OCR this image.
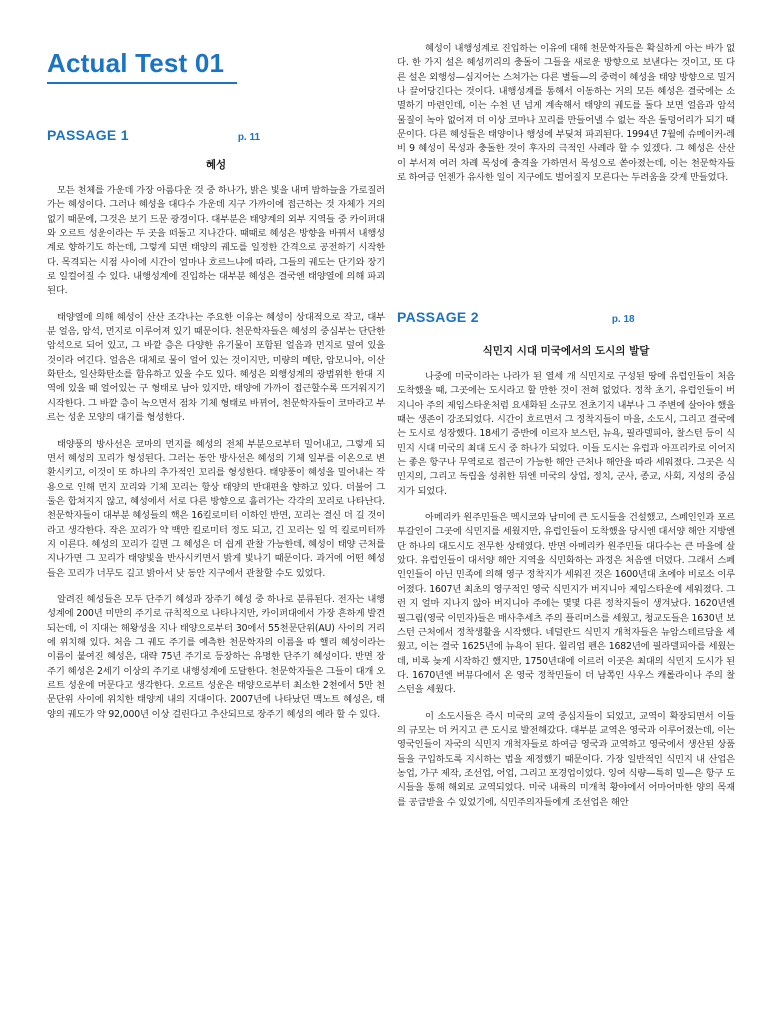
Actual Test 01
PASSAGE 1	p. 11
혜성

모든 천체를 가운데 가장 아름다운 것 중 하나가, 밝은 빛을 내며 밤하늘을 가로질러 가는 혜성이다. 그러나 혜성을 대다수 가운데 지구 가까이에 접근하는 것 자체가 거의 없기 때문에, 그것은 보기 드문 광경이다. 대부분은 태양계의 외부 지역들 중 카이퍼대와 오르트 성운이라는 두 곳을 떠돌고 지나간다. 때때로 혜성은 방향을 바꿔서 내행성계로 향하기도 하는데, 그렇게 되면 태양의 궤도를 일정한 간격으로 공전하기 시작한다. 목격되는 시점 사이에 시간이 얼마나 흐르느냐에 따라, 그들의 궤도는 단기와 장기로 일컬어질 수 있다. 내행성계에 진입하는 대부분 혜성은 결국엔 태양열에 의해 파괴된다.

태양열에 의해 혜성이 산산 조각나는 주요한 이유는 혜성이 상대적으로 작고, 대부분 얼음, 암석, 먼지로 이루어져 있기 때문이다. 천문학자들은 혜성의 중심부는 단단한 암석으로 되어 있고, 그 바깥 층은 다양한 유기물이 포함된 얼음과 먼지로 덮여 있을 것이라 여긴다. 얼음은 대체로 물이 얼어 있는 것이지만, 미량의 메탄, 암모니아, 이산화탄소, 일산화탄소를 함유하고 있을 수도 있다. 혜성은 외행성계의 광범위한 한대 지역에 있을 때 얼어있는 구 형태로 남아 있지만, 태양에 가까이 접근할수록 뜨거워지기 시작한다. 그 바깥 층이 녹으면서 점차 기체 형태로 바뀌어, 천문학자들이 코마라고 부르는 성운 모양의 대기를 형성한다.

태양풍의 방사선은 코마의 먼지를 혜성의 전체 부분으로부터 밀어내고, 그렇게 되면서 혜성의 꼬리가 형성된다. 그러는 동안 방사선은 혜성의 기체 일부를 이온으로 변환시키고, 이것이 또 하나의 추가적인 꼬리를 형성한다. 태양풍이 혜성을 밀어내는 작용으로 인해 먼지 꼬리와 기체 꼬리는 항상 태양의 반대편을 향하고 있다. 더불어 그 둘은 합쳐지지 않고, 혜성에서 서로 다른 방향으로 흘러가는 각각의 꼬리로 나타난다. 천문학자들이 대부분 혜성들의 핵은 16킬로미터 이하인 반면, 꼬리는 결신 더 길 것이라고 생각한다. 작은 꼬리가 약 백만 킬로미터 정도 되고, 긴 꼬리는 일 억 킬로미터까지 이른다. 혜성의 꼬리가 길면 그 혜성은 더 쉽게 관찰 가능한데, 혜성이 태양 근처를 지나가면 그 꼬리가 태양빛을 반사시키면서 밝게 빛나기 때문이다. 과거에 어떤 혜성들은 꼬리가 너무도 길고 밝아서 낮 동안 지구에서 관찰할 수도 있었다.

알려진 혜성들은 모두 단주기 혜성과 장주기 혜성 중 하나로 분류된다. 전자는 내행성계에 200년 미만의 주기로 규칙적으로 나타나지만, 카이퍼대에서 가장 흔하게 발견되는데, 이 지대는 해왕성을 지나 태양으로부터 30에서 55천문단위(AU) 사이의 거리에 위치해 있다. 처음 그 궤도 주기를 예측한 천문학자의 이름을 따 핼리 혜성이라는 이름이 붙여진 혜성은, 대략 75년 주기로 등장하는 유명한 단주기 혜성이다. 반면 장주기 혜성은 2세기 이상의 주기로 내행성계에 도달한다. 천문학자들은 그들이 대개 오르트 성운에 머문다고 생각한다. 오르트 성운은 태양으로부터 최소한 2천에서 5만 천문단위 사이에 위치한 태양계 내의 지대이다. 2007년에 나타났던 맥노트 혜성은, 태양의 궤도가 약 92,000년 이상 걸린다고 추산되므로 장주기 혜성의 예라 할 수 있다.

혜성이 내행성계로 진입하는 이유에 대해 천문학자들은 확실하게 아는 바가 없다. 한 가지 설은 혜성끼리의 충돌이 그들을 새로운 방향으로 보낸다는 것이고, 또 다른 설은 외행성—심지어는 스쳐가는 다른 별들—의 중력이 혜성을 태양 방향으로 밀거나 끌어당긴다는 것이다. 내행성계를 통해서 이동하는 거의 모든 혜성은 결국에는 소멸하기 마련인데, 이는 수천 년 넘게 계속해서 태양의 궤도를 돌다 보면 얼음과 암석 물질이 녹아 없어져 더 이상 코마나 꼬리를 만들어낼 수 없는 작은 돌덩어리가 되기 때문이다. 다른 혜성들은 태양이나 행성에 부딪쳐 파괴된다. 1994년 7월에 슈메이커-레비 9 혜성이 목성과 충돌한 것이 후자의 극적인 사례라 할 수 있겠다. 그 혜성은 산산이 부서져 여러 차례 목성에 충격을 가하면서 목성으로 쏟아졌는데, 이는 천문학자들로 하여금 언젠가 유사한 일이 지구에도 벌어질지 모른다는 두려움을 갖게 만들었다.

PASSAGE 2	p. 18
식민지 시대 미국에서의 도시의 발달

나중에 미국이라는 나라가 된 열세 개 식민지로 구성된 땅에 유럽인들이 처음 도착했을 때, 그곳에는 도시라고 할 만한 것이 전혀 없었다. 정착 초기, 유럽인들이 버지니아 주의 제임스타운처럼 요새화된 소규모 전초기지 내부나 그 주변에 살아야 했을 때는 생존이 강조되었다. 시간이 흐르면서 그 정착지들이 마을, 소도시, 그리고 결국에는 도시로 성장했다. 18세기 중반에 이르자 보스턴, 뉴욕, 필라델피아, 찰스턴 등이 식민지 시대 미국의 최대 도시 중 하나가 되었다. 이들 도시는 유럽과 아프리카로 이어지는 좋은 항구나 무역로로 접근이 가능한 해안 근처나 해안을 따라 세워졌다. 그곳은 식민지의, 그리고 독립을 성취한 뒤엔 미국의 상업, 정치, 군사, 종교, 사회, 지성의 중심지가 되었다.

아메리카 원주민들은 멕시코와 남미에 큰 도시들을 건설했고, 스페인인과 포르투갈인이 그곳에 식민지를 세웠지만, 유럽인들이 도착했을 당시엔 대서양 해안 지방엔 단 하나의 대도시도 전무한 상태였다. 반면 아메리카 원주민들 대다수는 큰 마을에 살았다. 유럽인들이 대서양 해안 지역을 식민화하는 과정은 처음엔 더뎠다. 그래서 스페인인들이 아닌 민족에 의해 영구 정착지가 세워진 것은 1600년대 초에야 비로소 이루어졌다. 1607년 최초의 영구적인 영국 식민지가 버지니아 제임스타운에 세워졌다. 그런 지 얼마 지나지 않아 버지니아 주에는 몇몇 다른 정착지들이 생겨났다. 1620년엔 필그림(영국 이민자)들은 매사추세츠 주의 플리머스를 세웠고, 청교도들은 1630년 보스턴 근처에서 정착생활을 시작했다. 네덜란드 식민지 개척자들은 뉴암스테르담을 세웠고, 이는 결국 1625년에 뉴욕이 된다. 윌리엄 펜은 1682년에 필라델피아를 세웠는데, 비록 늦게 시작하긴 했지만, 1750년대에 이르러 이곳은 최대의 식민지 도시가 된다. 1670년엔 버뮤다에서 온 영국 정착민들이 더 남쪽인 사우스 캐롤라이나 주의 찰스턴을 세웠다.

이 소도시들은 즉시 미국의 교역 중심지들이 되었고, 교역이 확장되면서 이들의 규모는 더 커지고 큰 도시로 발전해갔다. 대부분 교역은 영국과 이루어졌는데, 이는 영국인들이 자국의 식민지 개척자들로 하여금 영국과 교역하고 영국에서 생산된 상품들을 구입하도록 지시하는 법을 제정했기 때문이다. 가장 일반적인 식민지 내 산업은 농업, 가구 제작, 조선업, 어업, 그리고 포경업이었다. 잉여 식량—특히 밀—은 항구 도시들을 통해 해외로 교역되었다. 미국 내륙의 미개척 황야에서 어마어마한 양의 목재를 공급받을 수 있었기에, 식민주의자들에게 조선업은 해안
